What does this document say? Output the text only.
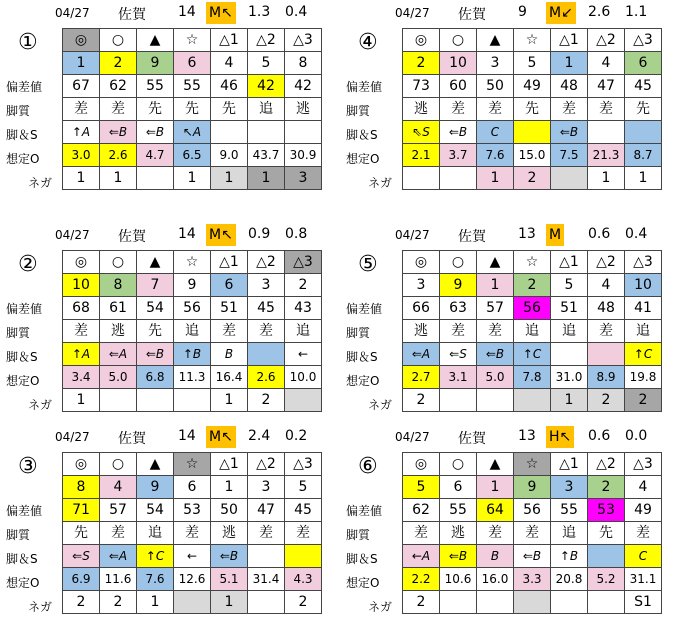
04/27 佐賀 14 M↖ 1.3 0.4
①
偏差値
脚質
脚＆S
想定O
ネガ
◎	○	▲	☆	△1	△2	△3
1	2	9	6	4	5	8
67	62	55	55	46	42	42
差	差	先	先	先	追	逃
↑A	⇐B	⇐B	↖A			
3.0	2.6	4.7	6.5	9.0	43.7	30.9
1	1		1	1	1	3
04/27 佐賀 9 M↙ 2.6 1.1
④
偏差値
脚質
脚＆S
想定O
ネガ
◎	○	▲	☆	△1	△2	△3
2	10	3	5	1	4	6
73	60	50	49	48	47	45
逃	差	差	先	差	差	先
⇖S	⇐B	C		⇐B		
2.1	3.7	7.6	15.0	7.5	21.3	8.7
		1	2		1	1
04/27 佐賀 14 M↖ 0.9 0.8
②
偏差値
脚質
脚＆S
想定O
ネガ
◎	○	▲	☆	△1	△2	△3
10	8	7	9	6	3	2
68	61	54	56	51	45	43
差	逃	先	追	差	差	追
↑A	⇐A	⇐B	↑B	B		←
3.4	5.0	6.8	11.3	16.4	2.6	10.0
1				1	2	
04/27 佐賀 13 M 0.6 0.4
⑤
偏差値
脚質
脚＆S
想定O
ネガ
◎	○	▲	☆	△1	△2	△3
3	9	1	2	5	4	10
66	63	57	56	51	48	41
逃	差	差	追	追	差	追
⇐A	⇐S	⇐B	↑C			↑C
2.7	3.1	5.0	7.8	31.0	8.9	19.8
2				1	2	2
04/27 佐賀 14 M↖ 2.4 0.2
③
偏差値
脚質
脚＆S
想定O
ネガ
◎	○	▲	☆	△1	△2	△3
8	4	9	6	1	3	5
71	57	54	53	50	47	45
先	差	追	差	逃	差	差
⇐S	⇐A	↑C	←	⇐B		
6.9	11.6	7.6	12.6	5.1	31.4	4.3
2	2	1		1		2
04/27 佐賀 13 H↖ 0.6 0.0
⑥
偏差値
脚質
脚＆S
想定O
ネガ
◎	○	▲	☆	△1	△2	△3
5	6	1	9	3	2	4
62	55	64	56	55	53	49
差	逃	差	差	追	先	差
←A	⇐B	B	⇐B	↑B		C
2.2	10.6	16.0	3.3	20.8	5.2	31.1
2						S1
